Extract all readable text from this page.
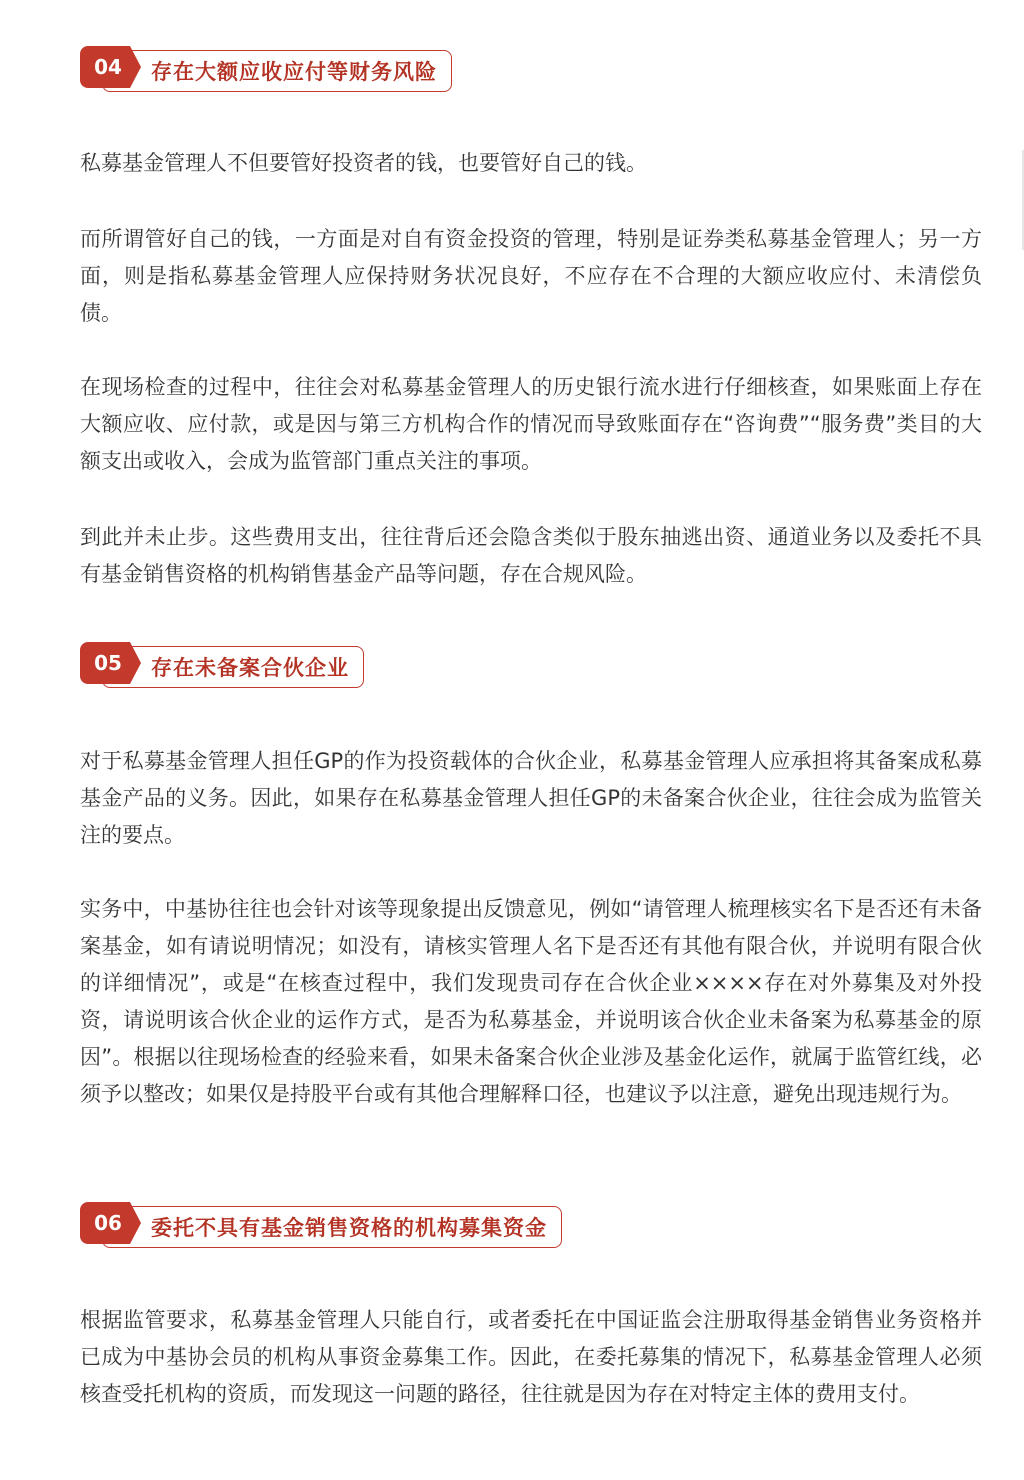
04 存在大额应收应付等财务风险

私募基金管理人不但要管好投资者的钱，也要管好自己的钱。

而所谓管好自己的钱，一方面是对自有资金投资的管理，特别是证券类私募基金管理人；另一方面，则是指私募基金管理人应保持财务状况良好，不应存在不合理的大额应收应付、未清偿负债。

在现场检查的过程中，往往会对私募基金管理人的历史银行流水进行仔细核查，如果账面上存在大额应收、应付款，或是因与第三方机构合作的情况而导致账面存在“咨询费”“服务费”类目的大额支出或收入，会成为监管部门重点关注的事项。

到此并未止步。这些费用支出，往往背后还会隐含类似于股东抽逃出资、通道业务以及委托不具有基金销售资格的机构销售基金产品等问题，存在合规风险。

05 存在未备案合伙企业

对于私募基金管理人担任GP的作为投资载体的合伙企业，私募基金管理人应承担将其备案成私募基金产品的义务。因此，如果存在私募基金管理人担任GP的未备案合伙企业，往往会成为监管关注的要点。

实务中，中基协往往也会针对该等现象提出反馈意见，例如“请管理人梳理核实名下是否还有未备案基金，如有请说明情况；如没有，请核实管理人名下是否还有其他有限合伙，并说明有限合伙的详细情况”，或是“在核查过程中，我们发现贵司存在合伙企业××××存在对外募集及对外投资，请说明该合伙企业的运作方式，是否为私募基金，并说明该合伙企业未备案为私募基金的原因”。根据以往现场检查的经验来看，如果未备案合伙企业涉及基金化运作，就属于监管红线，必须予以整改；如果仅是持股平台或有其他合理解释口径，也建议予以注意，避免出现违规行为。

06 委托不具有基金销售资格的机构募集资金

根据监管要求，私募基金管理人只能自行，或者委托在中国证监会注册取得基金销售业务资格并已成为中基协会员的机构从事资金募集工作。因此，在委托募集的情况下，私募基金管理人必须核查受托机构的资质，而发现这一问题的路径，往往就是因为存在对特定主体的费用支付。
